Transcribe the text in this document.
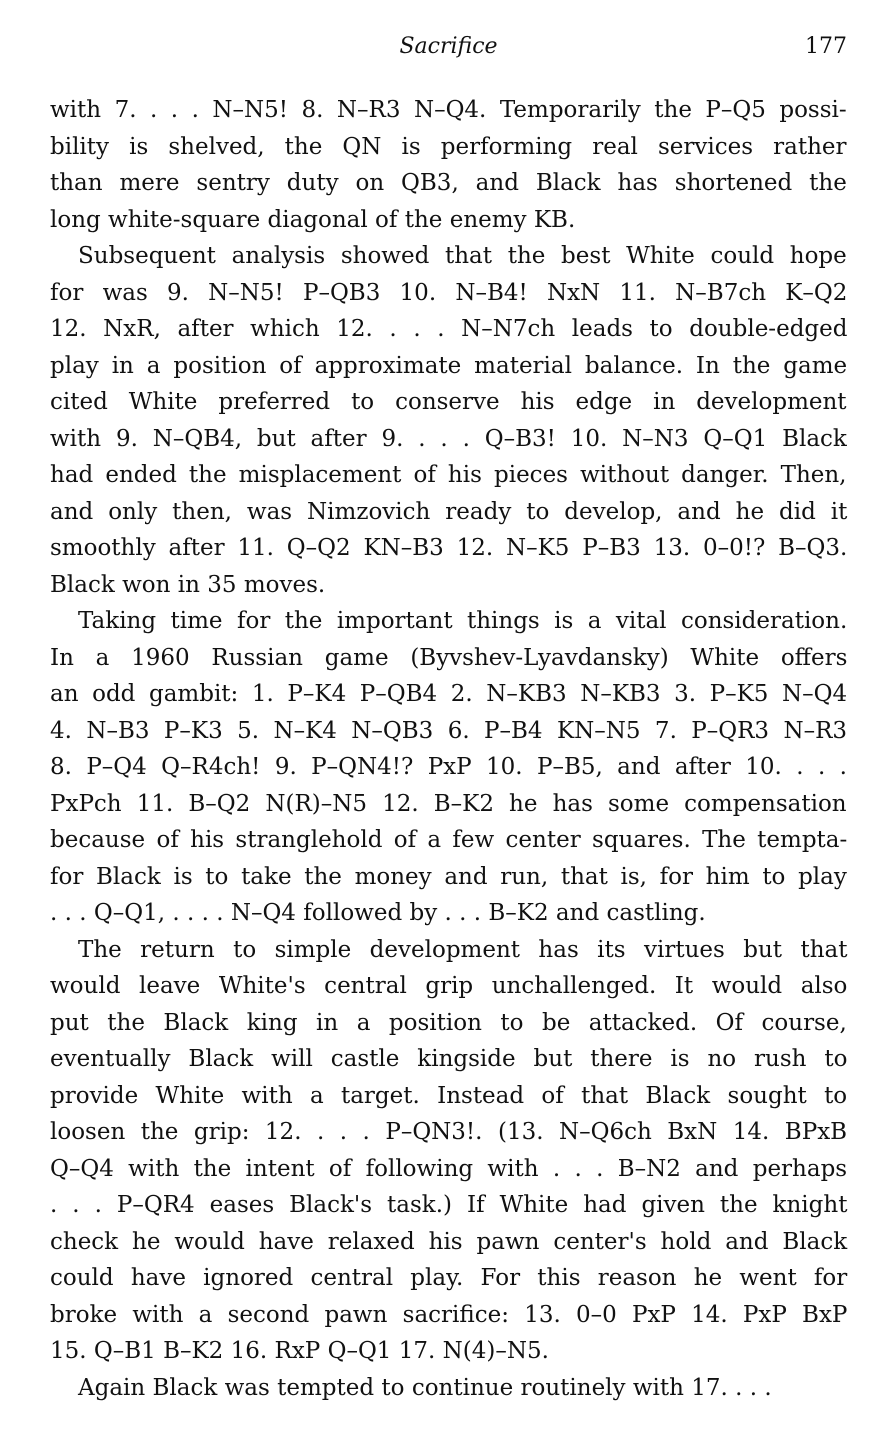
Sacrifice	177
with 7. . . . N–N5! 8. N–R3 N–Q4. Temporarily the P–Q5 possi-
bility is shelved, the QN is performing real services rather
than mere sentry duty on QB3, and Black has shortened the
long white-square diagonal of the enemy KB.
Subsequent analysis showed that the best White could hope
for was 9. N–N5! P–QB3 10. N–B4! NxN 11. N–B7ch K–Q2
12. NxR, after which 12. . . . N–N7ch leads to double-edged
play in a position of approximate material balance. In the game
cited White preferred to conserve his edge in development
with 9. N–QB4, but after 9. . . . Q–B3! 10. N–N3 Q–Q1 Black
had ended the misplacement of his pieces without danger. Then,
and only then, was Nimzovich ready to develop, and he did it
smoothly after 11. Q–Q2 KN–B3 12. N–K5 P–B3 13. 0–0!? B–Q3.
Black won in 35 moves.
Taking time for the important things is a vital consideration.
In a 1960 Russian game (Byvshev-Lyavdansky) White offers
an odd gambit: 1. P–K4 P–QB4 2. N–KB3 N–KB3 3. P–K5 N–Q4
4. N–B3 P–K3 5. N–K4 N–QB3 6. P–B4 KN–N5 7. P–QR3 N–R3
8. P–Q4 Q–R4ch! 9. P–QN4!? PxP 10. P–B5, and after 10. . . .
PxPch 11. B–Q2 N(R)–N5 12. B–K2 he has some compensation
because of his stranglehold of a few center squares. The tempta-
for Black is to take the money and run, that is, for him to play
. . . Q–Q1, . . . . N–Q4 followed by . . . B–K2 and castling.
The return to simple development has its virtues but that
would leave White's central grip unchallenged. It would also
put the Black king in a position to be attacked. Of course,
eventually Black will castle kingside but there is no rush to
provide White with a target. Instead of that Black sought to
loosen the grip: 12. . . . P–QN3!. (13. N–Q6ch BxN 14. BPxB
Q–Q4 with the intent of following with . . . B–N2 and perhaps
. . . P–QR4 eases Black's task.) If White had given the knight
check he would have relaxed his pawn center's hold and Black
could have ignored central play. For this reason he went for
broke with a second pawn sacrifice: 13. 0–0 PxP 14. PxP BxP
15. Q–B1 B–K2 16. RxP Q–Q1 17. N(4)–N5.
Again Black was tempted to continue routinely with 17. . . .
